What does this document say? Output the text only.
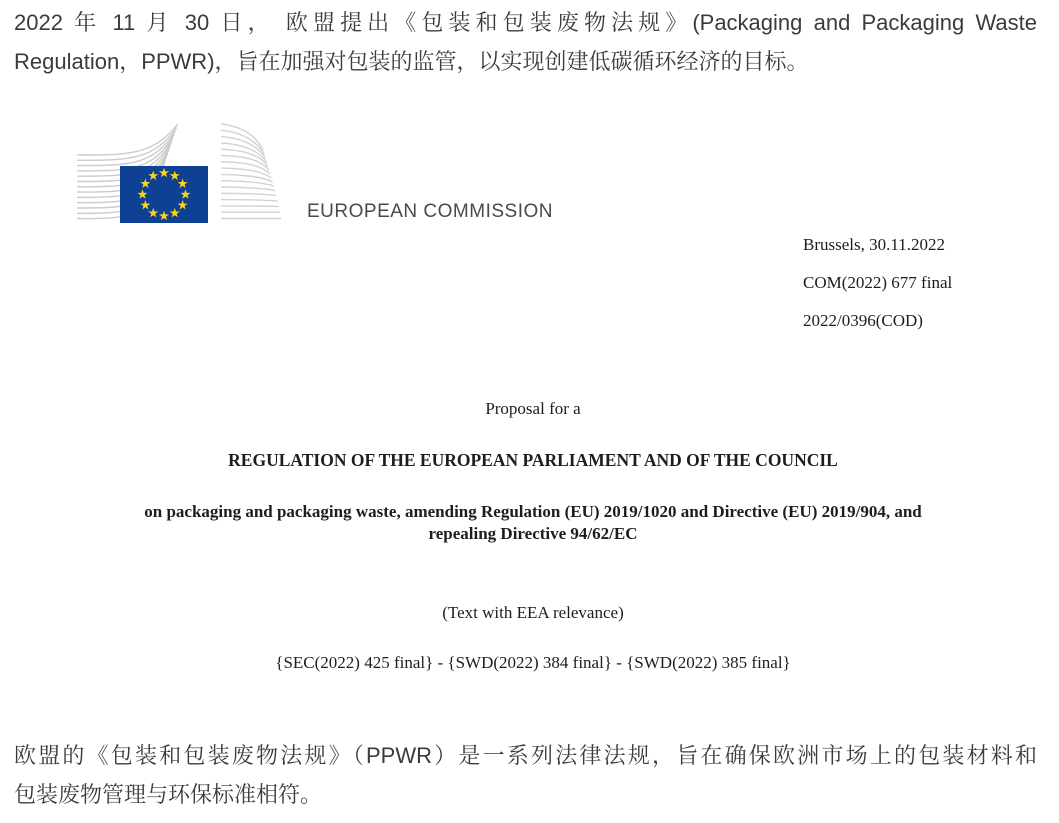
2022 年 11 月 30 日， 欧盟提出《包装和包装废物法规》(Packaging and Packaging Waste
Regulation，PPWR)，旨在加强对包装的监管，以实现创建低碳循环经济的目标。
EUROPEAN COMMISSION
Brussels, 30.11.2022
COM(2022) 677 final
2022/0396(COD)
Proposal for a
REGULATION OF THE EUROPEAN PARLIAMENT AND OF THE COUNCIL
on packaging and packaging waste, amending Regulation (EU) 2019/1020 and Directive (EU) 2019/904, and
repealing Directive 94/62/EC
(Text with EEA relevance)
{SEC(2022) 425 final} - {SWD(2022) 384 final} - {SWD(2022) 385 final}
欧盟的《包装和包装废物法规》（PPWR）是一系列法律法规，旨在确保欧洲市场上的包装材料和
包装废物管理与环保标准相符。
